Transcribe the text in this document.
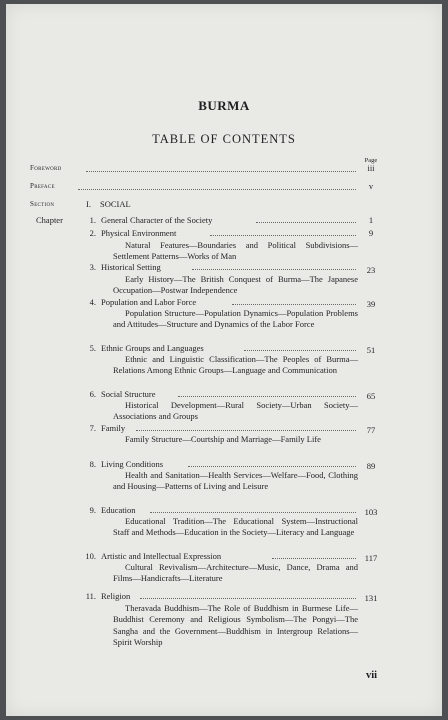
BURMA
TABLE OF CONTENTS
Page
Foreword	iii
Preface	v
Section	I. SOCIAL
Chapter	1. General Character of the Society	1
2. Physical Environment	9
Natural Features—Boundaries and Political Subdivisions—Settlement Patterns—Works of Man
3. Historical Setting	23
Early History—The British Conquest of Burma—The Japanese Occupation—Postwar Independence
4. Population and Labor Force	39
Population Structure—Population Dynamics—Population Problems and Attitudes—Structure and Dynamics of the Labor Force
5. Ethnic Groups and Languages	51
Ethnic and Linguistic Classification—The Peoples of Burma—Relations Among Ethnic Groups—Language and Communication
6. Social Structure	65
Historical Development—Rural Society—Urban Society—Associations and Groups
7. Family	77
Family Structure—Courtship and Marriage—Family Life
8. Living Conditions	89
Health and Sanitation—Health Services—Welfare—Food, Clothing and Housing—Patterns of Living and Leisure
9. Education	103
Educational Tradition—The Educational System—Instructional Staff and Methods—Education in the Society—Literacy and Language
10. Artistic and Intellectual Expression	117
Cultural Revivalism—Architecture—Music, Dance, Drama and Films—Handicrafts—Literature
11. Religion	131
Theravada Buddhism—The Role of Buddhism in Burmese Life—Buddhist Ceremony and Religious Symbolism—The Pongyi—The Sangha and the Government—Buddhism in Intergroup Relations—Spirit Worship
vii
